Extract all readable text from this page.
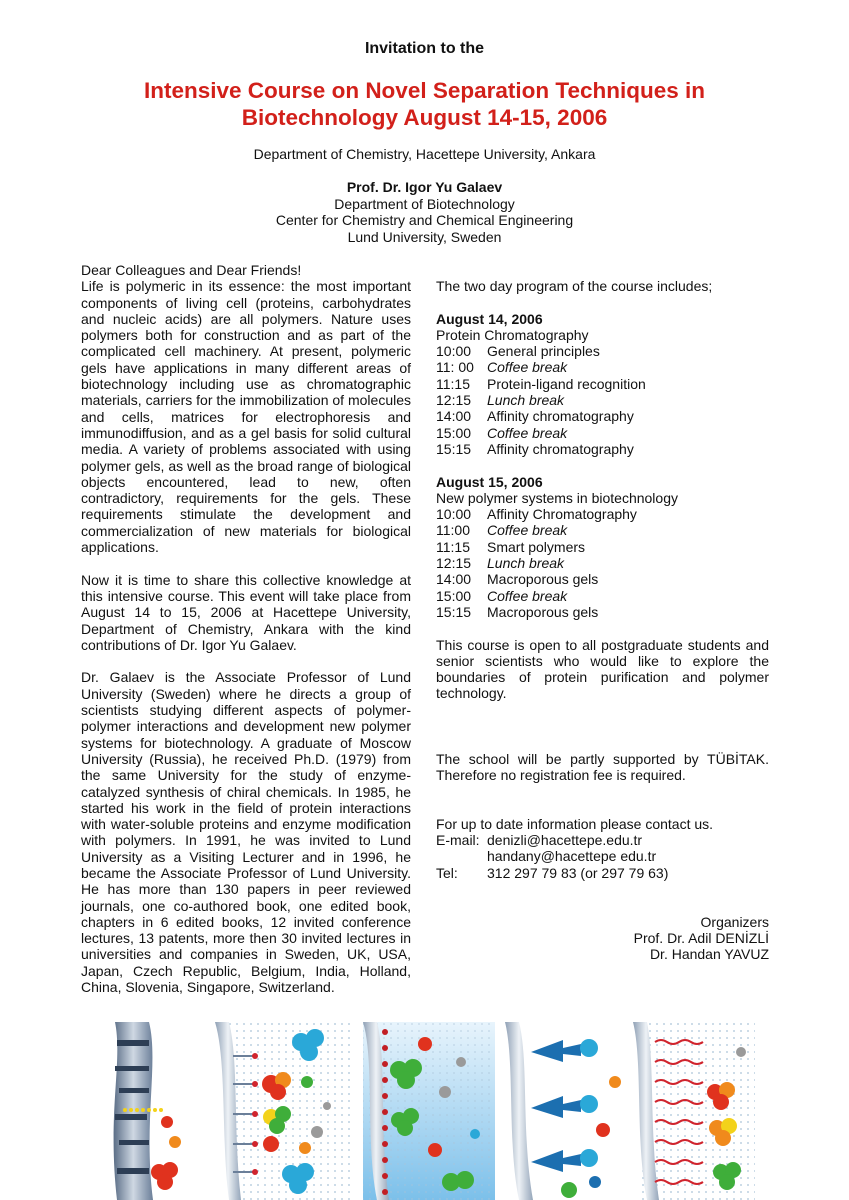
Invitation to the
Intensive Course on Novel Separation Techniques in
Biotechnology August 14-15, 2006
Department of Chemistry, Hacettepe University, Ankara
Prof. Dr. Igor Yu Galaev
Department of Biotechnology
Center for Chemistry and Chemical Engineering
Lund University, Sweden
Dear Colleagues and Dear Friends!

Life is polymeric in its essence: the most important components of living cell (proteins, carbohydrates and nucleic acids) are all polymers. Nature uses polymers both for construction and as part of the complicated cell machinery. At present, polymeric gels have applications in many different areas of biotechnology including use as chromatographic materials, carriers for the immobilization of molecules and cells, matrices for electrophoresis and immunodiffusion, and as a gel basis for solid cultural media. A variety of problems associated with using polymer gels, as well as the broad range of biological objects encountered, lead to new, often contradictory, requirements for the gels. These requirements stimulate the development and commercialization of new materials for biological applications.

Now it is time to share this collective knowledge at this intensive course. This event will take place from August 14 to 15, 2006 at Hacettepe University, Department of Chemistry, Ankara with the kind contributions of Dr. Igor Yu Galaev.

Dr. Galaev is the Associate Professor of Lund University (Sweden) where he directs a group of scientists studying different aspects of polymer-polymer interactions and development new polymer systems for biotechnology. A graduate of Moscow University (Russia), he received Ph.D. (1979) from the same University for the study of enzyme-catalyzed synthesis of chiral chemicals. In 1985, he started his work in the field of protein interactions with water-soluble proteins and enzyme modification with polymers. In 1991, he was invited to Lund University as a Visiting Lecturer and in 1996, he became the Associate Professor of Lund University. He has more than 130 papers in peer reviewed journals, one co-authored book, one edited book, chapters in 6 edited books, 12 invited conference lectures, 13 patents, more then 30 invited lectures in universities and companies in Sweden, UK, USA, Japan, Czech Republic, Belgium, India, Holland, China, Slovenia, Singapore, Switzerland.

The two day program of the course includes;
August 14, 2006
Protein Chromatography
10:00	General principles
11: 00 Coffee break
11:15	Protein-ligand recognition
12:15	Lunch break
14:00	Affinity chromatography
15:00	Coffee break
15:15	Affinity chromatography
August 15, 2006
New polymer systems in biotechnology
10:00	Affinity Chromatography
11:00	Coffee break
11:15	Smart polymers
12:15	Lunch break
14:00	Macroporous gels
15:00	Coffee break
15:15	Macroporous gels

This course is open to all postgraduate students and senior scientists who would like to explore the boundaries of protein purification and polymer technology.

The school will be partly supported by TÜBİTAK. Therefore no registration fee is required.

For up to date information please contact us.
E-mail: denizli@hacettepe.edu.tr
handany@hacettepe edu.tr
Tel:	312 297 79 83 (or 297 79 63)
Organizers
Prof. Dr. Adil DENİZLİ
Dr. Handan YAVUZ
